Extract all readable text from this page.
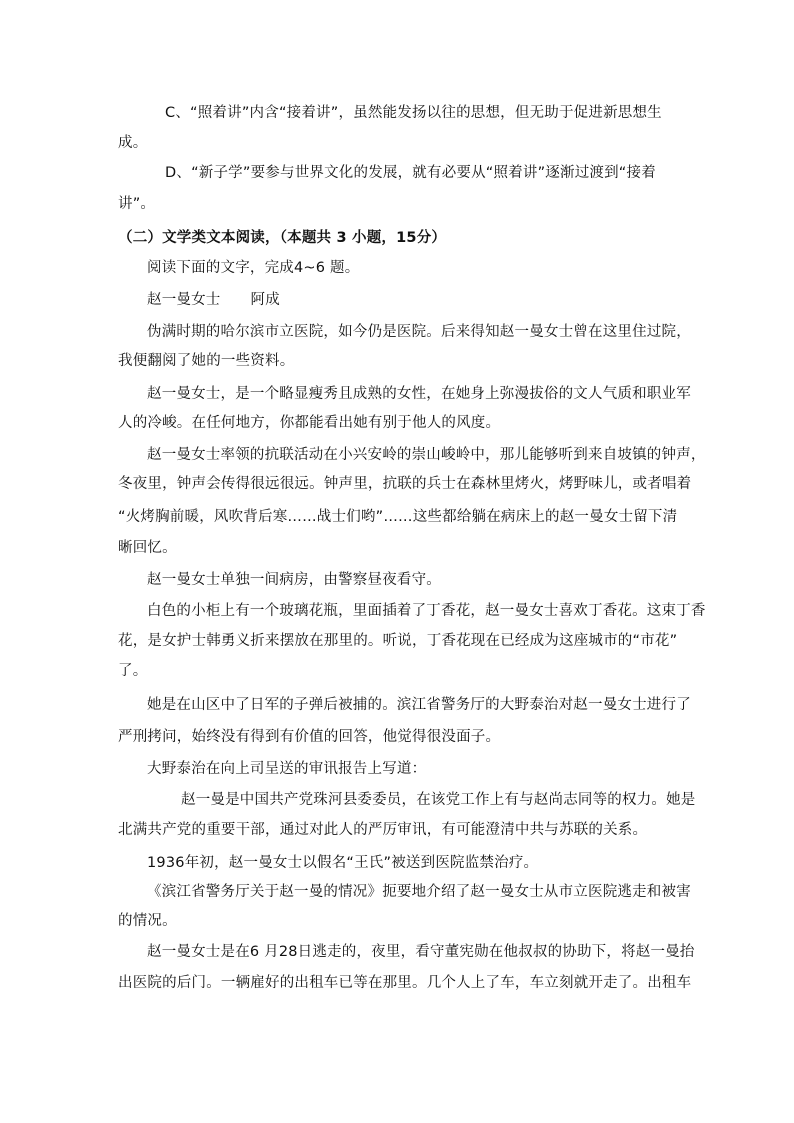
C、“照着讲”内含“接着讲”，虽然能发扬以往的思想，但无助于促进新思想生
成。
D、“新子学”要参与世界文化的发展，就有必要从“照着讲”逐渐过渡到“接着
讲”。
（二）文学类文本阅读，（本题共 3 小题，15分）
阅读下面的文字，完成4~6 题。
赵一曼女士 阿成
伪满时期的哈尔滨市立医院，如今仍是医院。后来得知赵一曼女士曾在这里住过院，
我便翻阅了她的一些资料。
赵一曼女士，是一个略显瘦秀且成熟的女性，在她身上弥漫拔俗的文人气质和职业军
人的冷峻。在任何地方，你都能看出她有别于他人的风度。
赵一曼女士率领的抗联活动在小兴安岭的崇山峻岭中，那儿能够听到来自坡镇的钟声，
冬夜里，钟声会传得很远很远。钟声里，抗联的兵士在森林里烤火，烤野味儿，或者唱着
“火烤胸前暖，风吹背后寒……战士们哟”……这些都给躺在病床上的赵一曼女士留下清
晰回忆。
赵一曼女士单独一间病房，由警察昼夜看守。
白色的小柜上有一个玻璃花瓶，里面插着了丁香花，赵一曼女士喜欢丁香花。这束丁香
花，是女护士韩勇义折来摆放在那里的。听说，丁香花现在已经成为这座城市的“市花”
了。
她是在山区中了日军的子弹后被捕的。滨江省警务厅的大野泰治对赵一曼女士进行了
严刑拷问，始终没有得到有价值的回答，他觉得很没面子。
大野泰治在向上司呈送的审讯报告上写道：
赵一曼是中国共产党珠河县委委员，在该党工作上有与赵尚志同等的权力。她是
北满共产党的重要干部，通过对此人的严厉审讯，有可能澄清中共与苏联的关系。
1936年初，赵一曼女士以假名“王氏”被送到医院监禁治疗。
《滨江省警务厅关于赵一曼的情况》扼要地介绍了赵一曼女士从市立医院逃走和被害
的情况。
赵一曼女士是在6 月28日逃走的，夜里，看守董宪勋在他叔叔的协助下，将赵一曼抬
出医院的后门。一辆雇好的出租车已等在那里。几个人上了车，车立刻就开走了。出租车
